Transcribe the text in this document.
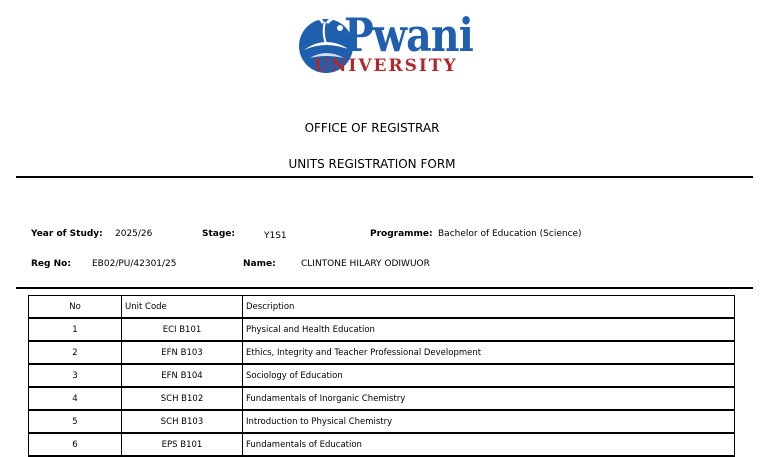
Pwani
UNIVERSITY
OFFICE OF REGISTRAR
UNITS REGISTRATION FORM
Year of Study: 2025/26	Stage:	Y1S1	Programme: Bachelor of Education (Science)
Reg No: EB02/PU/42301/25	Name:	CLINTONE HILARY ODIWUOR
No	Unit Code	Description
1	ECI B101	Physical and Health Education
2	EFN B103	Ethics, Integrity and Teacher Professional Development
3	EFN B104	Sociology of Education
4	SCH B102	Fundamentals of Inorganic Chemistry
5	SCH B103	Introduction to Physical Chemistry
6	EPS B101	Fundamentals of Education
